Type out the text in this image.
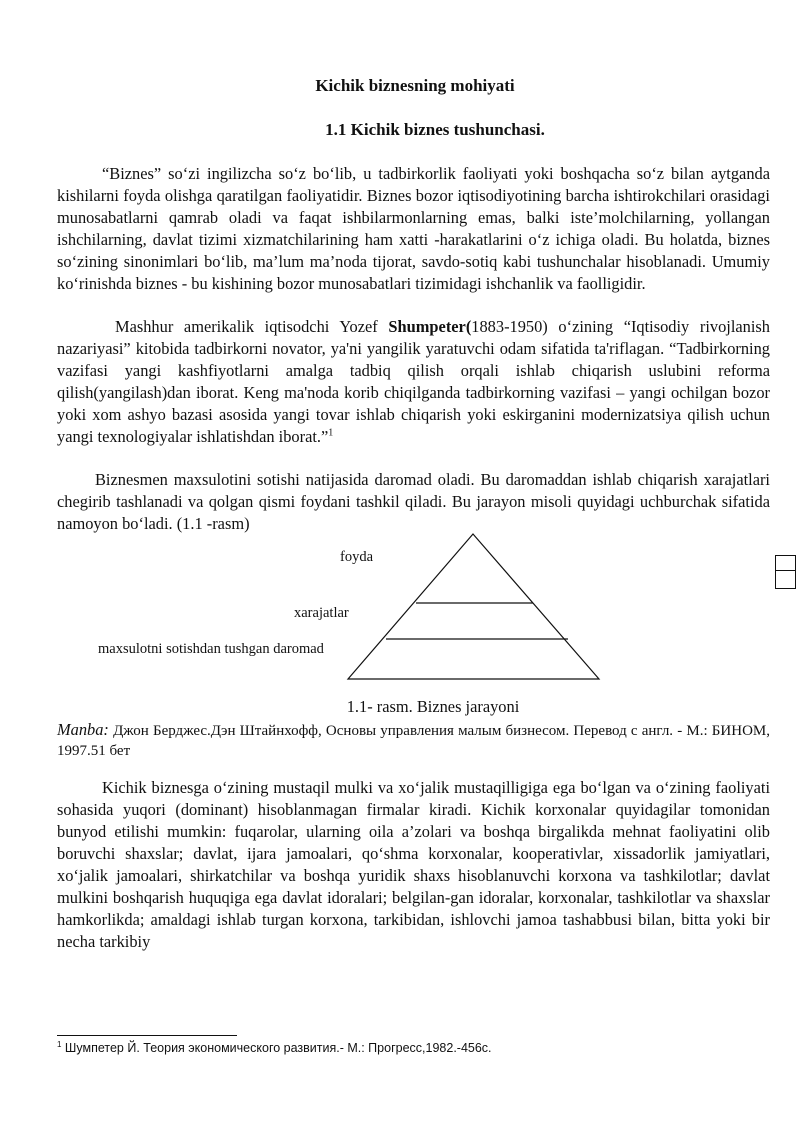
Kichik biznesning mohiyati
1.1 Kichik biznes tushunchasi.

“Biznes” so‘zi ingilizcha so‘z bo‘lib, u tadbirkorlik faoliyati yoki boshqacha so‘z bilan aytganda kishilarni foyda olishga qaratilgan faoliyatidir. Biznes bozor iqtisodiyotining barcha ishtirokchilari orasidagi munosabatlarni qamrab oladi va faqat ishbilarmonlarning emas, balki iste’molchilarning, yollangan ishchilarning, davlat tizimi xizmatchilarining ham xatti -harakatlarini o‘z ichiga oladi. Bu holatda, biznes so‘zining sinonimlari bo‘lib, ma’lum ma’noda tijorat, savdo-sotiq kabi tushunchalar hisoblanadi. Umumiy ko‘rinishda biznes - bu kishining bozor munosabatlari tizimidagi ishchanlik va faolligidir.

Mashhur amerikalik iqtisodchi Yozef Shumpeter(1883-1950) o‘zining “Iqtisodiy rivojlanish nazariyasi” kitobida tadbirkorni novator, ya'ni yangilik yaratuvchi odam sifatida ta'riflagan. “Tadbirkorning vazifasi yangi kashfiyotlarni amalga tadbiq qilish orqali ishlab chiqarish uslubini reforma qilish(yangilash)dan iborat. Keng ma'noda korib chiqilganda tadbirkorning vazifasi – yangi ochilgan bozor yoki xom ashyo bazasi asosida yangi tovar ishlab chiqarish yoki eskirganini modernizatsiya qilish uchun yangi texnologiyalar ishlatishdan iborat.”$^1$

Biznesmen maxsulotini sotishi natijasida daromad oladi. Bu daromaddan ishlab chiqarish xarajatlari chegirib tashlanadi va qolgan qismi foydani tashkil qiladi. Bu jarayon misoli quyidagi uchburchak sifatida namoyon bo‘ladi. (1.1 -rasm)

foyda
xarajatlar
maxsulotni sotishdan tushgan daromad
1.1- rasm. Biznes jarayoni
Manba: Джон Берджес.Дэн Штайнхофф, Основы управления малым бизнесом. Перевод с англ. - М.: БИНОМ, 1997.51 бет

Kichik biznesga o‘zining mustaqil mulki va xo‘jalik mustaqilligiga ega bo‘lgan va o‘zining faoliyati sohasida yuqori (dominant) hisoblanmagan firmalar kiradi. Kichik korxonalar quyidagilar tomonidan bunyod etilishi mumkin: fuqarolar, ularning oila a’zolari va boshqa birgalikda mehnat faoliyatini olib boruvchi shaxslar; davlat, ijara jamoalari, qo‘shma korxonalar, kooperativlar, xissadorlik jamiyatlari, xo‘jalik jamoalari, shirkatchilar va boshqa yuridik shaxs hisoblanuvchi korxona va tashkilotlar; davlat mulkini boshqarish huquqiga ega davlat idoralari; belgilan-gan idoralar, korxonalar, tashkilotlar va shaxslar hamkorlikda; amaldagi ishlab turgan korxona, tarkibidan, ishlovchi jamoa tashabbusi bilan, bitta yoki bir necha tarkibiy

$^1$ Шумпетер Й. Теория экономического развития.- М.: Прогресс,1982.-456с.
